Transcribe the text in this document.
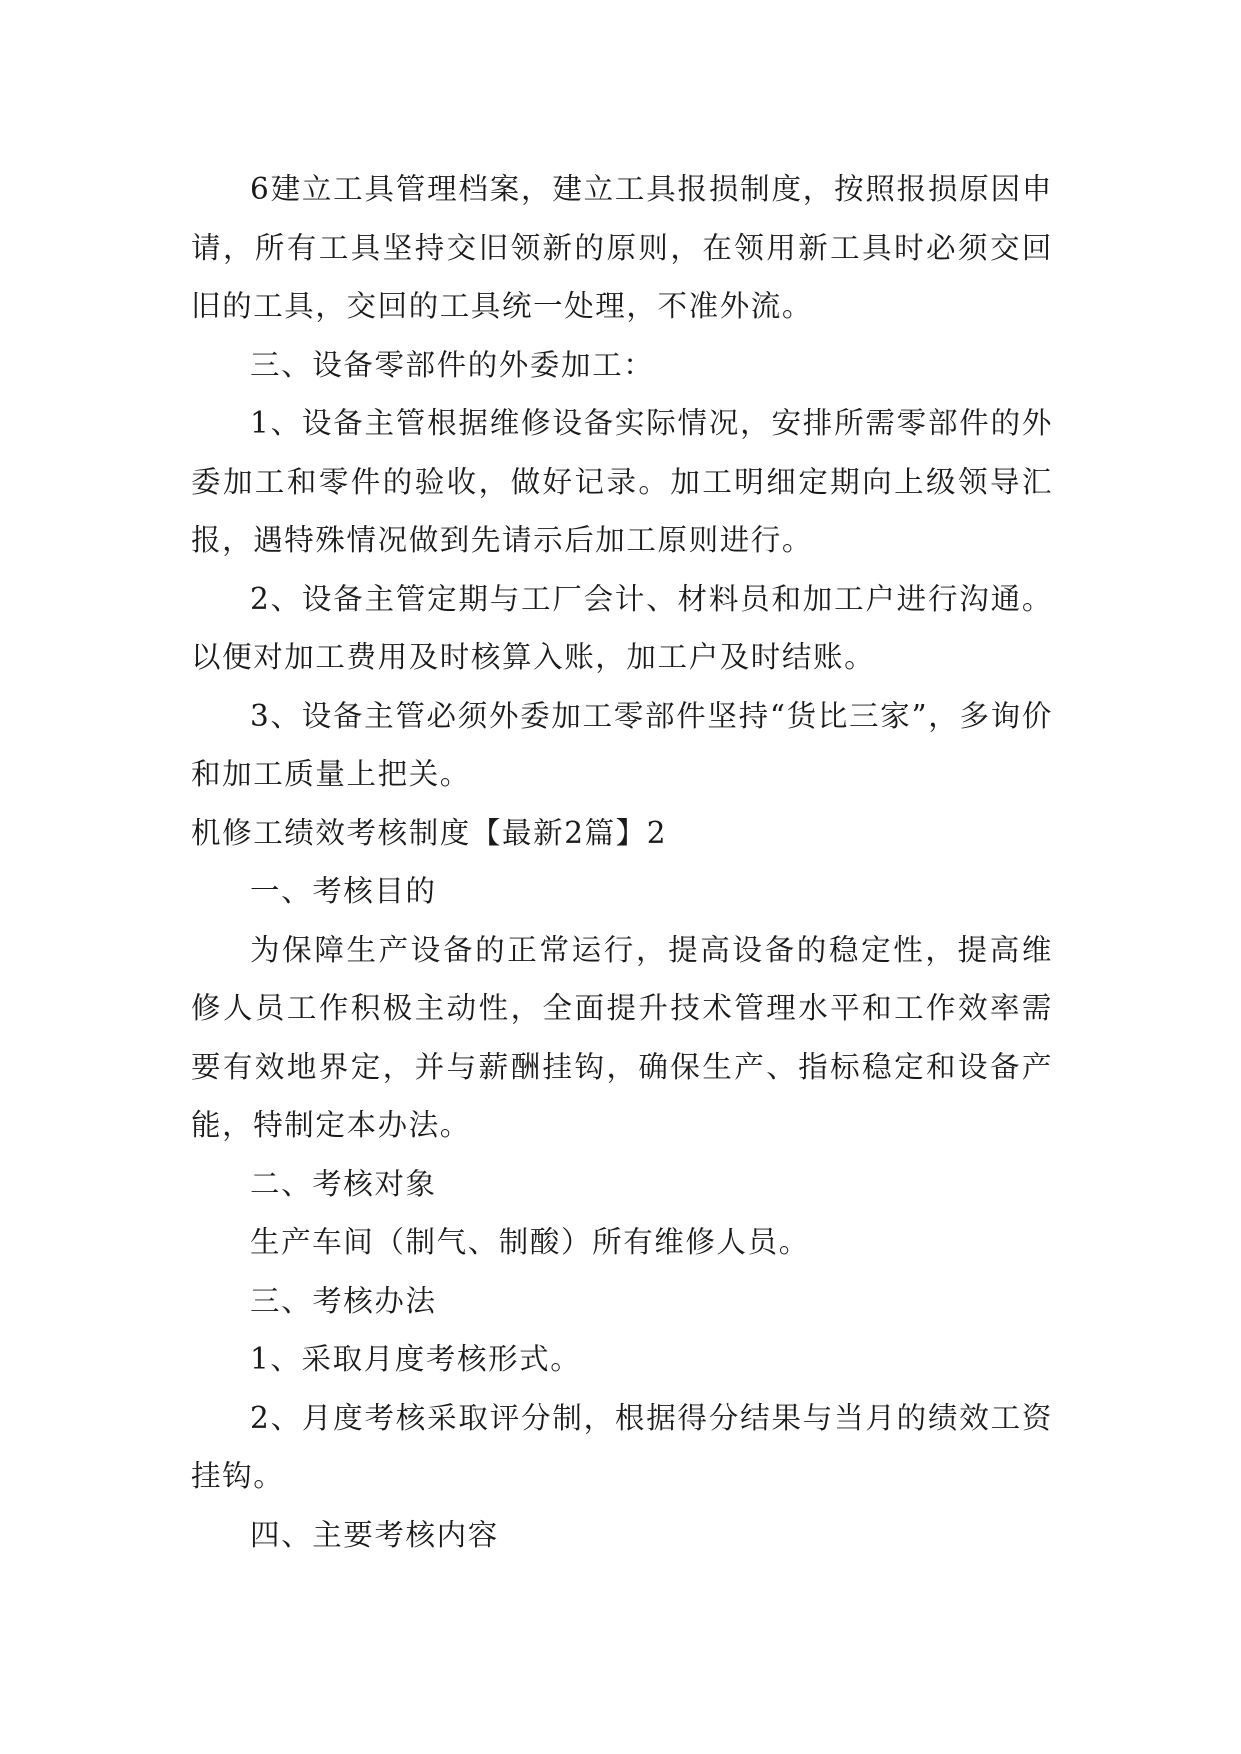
6建立工具管理档案，建立工具报损制度，按照报损原因申请，所有工具坚持交旧领新的原则，在领用新工具时必须交回旧的工具，交回的工具统一处理，不准外流。

三、设备零部件的外委加工：

1、设备主管根据维修设备实际情况，安排所需零部件的外委加工和零件的验收，做好记录。加工明细定期向上级领导汇报，遇特殊情况做到先请示后加工原则进行。

2、设备主管定期与工厂会计、材料员和加工户进行沟通。以便对加工费用及时核算入账，加工户及时结账。

3、设备主管必须外委加工零部件坚持“货比三家”，多询价和加工质量上把关。

机修工绩效考核制度【最新2篇】2

一、考核目的

为保障生产设备的正常运行，提高设备的稳定性，提高维修人员工作积极主动性，全面提升技术管理水平和工作效率需要有效地界定，并与薪酬挂钩，确保生产、指标稳定和设备产能，特制定本办法。

二、考核对象

生产车间（制气、制酸）所有维修人员。

三、考核办法

1、采取月度考核形式。

2、月度考核采取评分制，根据得分结果与当月的绩效工资挂钩。

四、主要考核内容
